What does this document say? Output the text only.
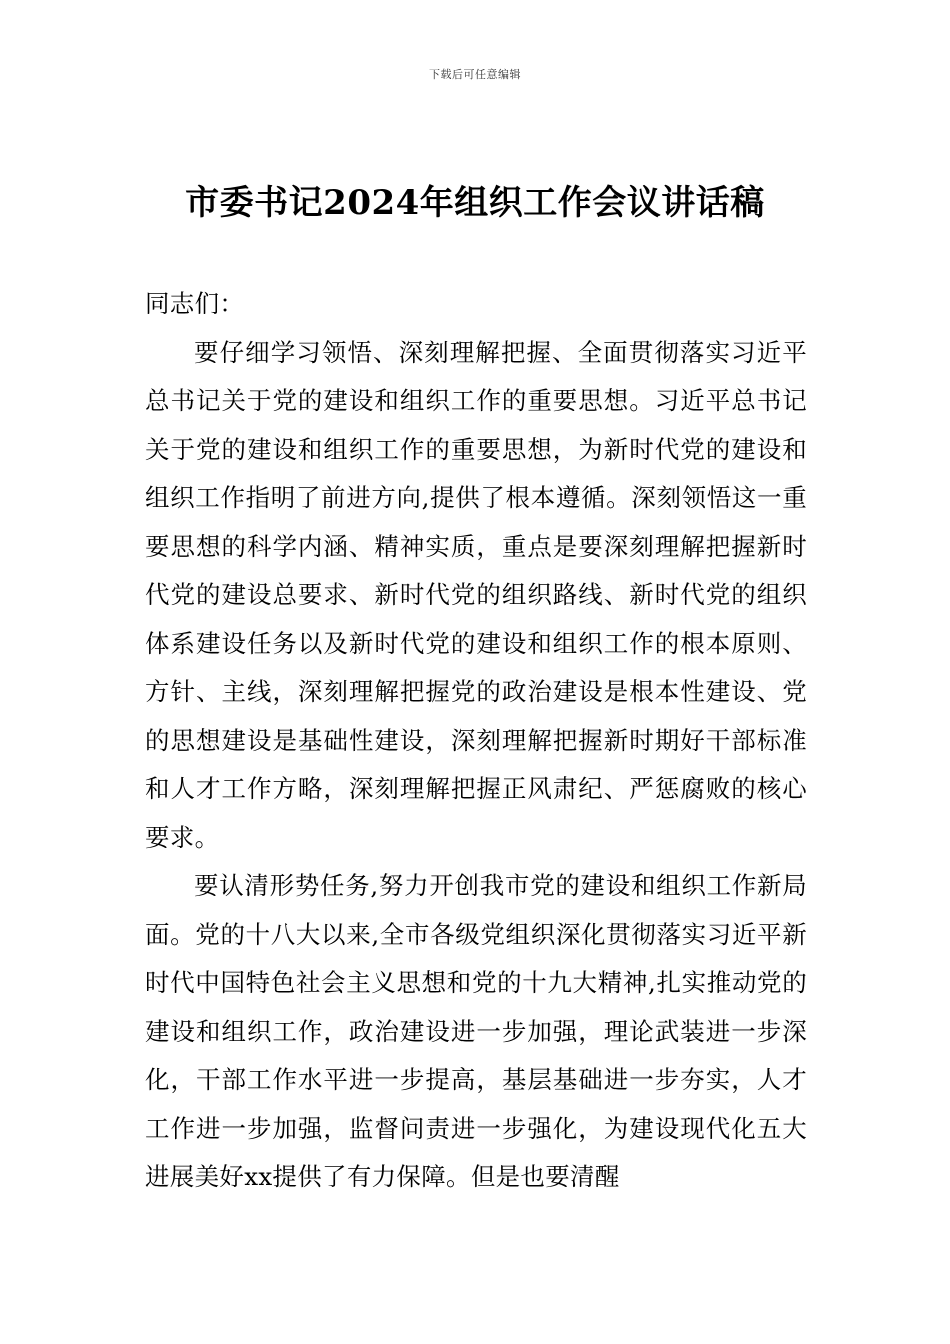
下载后可任意编辑
市委书记2024年组织工作会议讲话稿

同志们：

要仔细学习领悟、深刻理解把握、全面贯彻落实习近平总书记关于党的建设和组织工作的重要思想。习近平总书记关于党的建设和组织工作的重要思想，为新时代党的建设和组织工作指明了前进方向,提供了根本遵循。深刻领悟这一重要思想的科学内涵、精神实质，重点是要深刻理解把握新时代党的建设总要求、新时代党的组织路线、新时代党的组织体系建设任务以及新时代党的建设和组织工作的根本原则、方针、主线，深刻理解把握党的政治建设是根本性建设、党的思想建设是基础性建设，深刻理解把握新时期好干部标准和人才工作方略，深刻理解把握正风肃纪、严惩腐败的核心要求。

要认清形势任务,努力开创我市党的建设和组织工作新局面。党的十八大以来,全市各级党组织深化贯彻落实习近平新时代中国特色社会主义思想和党的十九大精神,扎实推动党的建设和组织工作，政治建设进一步加强，理论武装进一步深化，干部工作水平进一步提高，基层基础进一步夯实，人才工作进一步加强，监督问责进一步强化，为建设现代化五大进展美好xx提供了有力保障。但是也要清醒
